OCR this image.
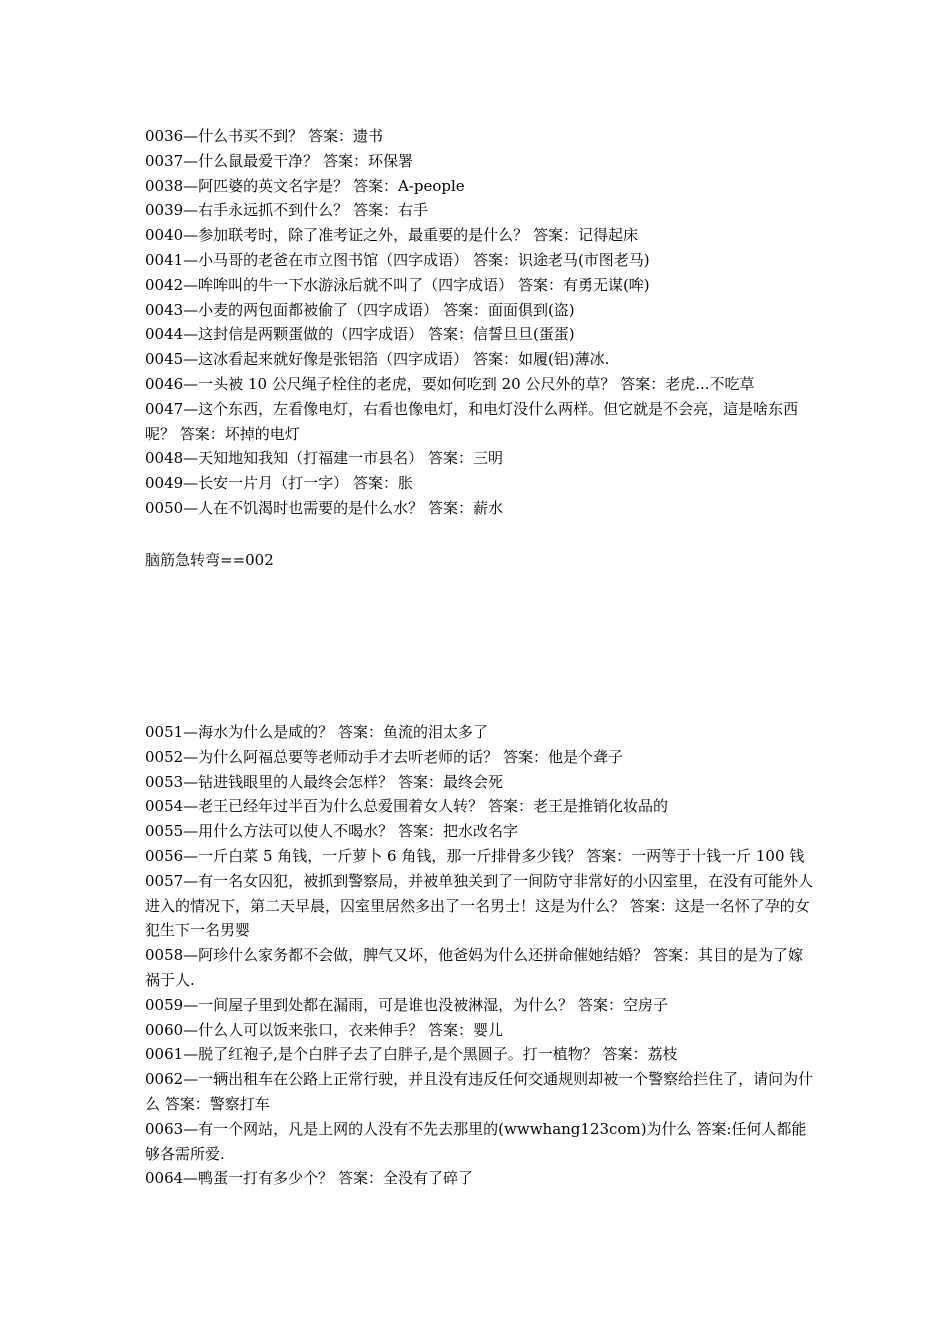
0036—什么书买不到？ 答案：遗书

0037—什么鼠最爱干净？ 答案：环保署

0038—阿匹婆的英文名字是？ 答案：A-people

0039—右手永远抓不到什么？ 答案：右手

0040—参加联考时，除了准考证之外，最重要的是什么？ 答案：记得起床

0041—小马哥的老爸在市立图书馆（四字成语） 答案：识途老马(市图老马)

0042—哞哞叫的牛一下水游泳后就不叫了（四字成语） 答案：有勇无谋(哞)

0043—小麦的两包面都被偷了（四字成语） 答案：面面俱到(盗)

0044—这封信是两颗蛋做的（四字成语） 答案：信誓旦旦(蛋蛋)

0045—这冰看起来就好像是张铝箔（四字成语） 答案：如履(铝)薄冰.

0046—一头被 10 公尺绳子栓住的老虎，要如何吃到 20 公尺外的草？ 答案：老虎...不吃草

0047—这个东西，左看像电灯，右看也像电灯，和电灯没什么两样。但它就是不会亮，這是啥东西呢？ 答案：坏掉的电灯

0048—天知地知我知（打福建一市县名） 答案：三明

0049—长安一片月（打一字） 答案：胀

0050—人在不饥渴时也需要的是什么水？ 答案：薪水

脑筋急转弯==002

0051—海水为什么是咸的？ 答案：鱼流的泪太多了

0052—为什么阿福总要等老师动手才去听老师的话？ 答案：他是个聋子

0053—钻进钱眼里的人最终会怎样？ 答案：最终会死

0054—老王已经年过半百为什么总爱围着女人转？ 答案：老王是推销化妆品的

0055—用什么方法可以使人不喝水？ 答案：把水改名字

0056—一斤白菜 5 角钱，一斤萝卜 6 角钱，那一斤排骨多少钱？ 答案：一两等于十钱一斤 100 钱

0057—有一名女囚犯，被抓到警察局，并被单独关到了一间防守非常好的小囚室里，在没有可能外人进入的情况下，第二天早晨，囚室里居然多出了一名男士！这是为什么？ 答案：这是一名怀了孕的女犯生下一名男婴

0058—阿珍什么家务都不会做，脾气又坏，他爸妈为什么还拼命催她结婚？ 答案：其目的是为了嫁祸于人.

0059—一间屋子里到处都在漏雨，可是谁也没被淋湿，为什么？ 答案：空房子

0060—什么人可以饭来张口，衣来伸手？ 答案：婴儿

0061—脱了红袍子,是个白胖子去了白胖子,是个黑圆子。打一植物？ 答案：荔枝

0062—一辆出租车在公路上正常行驶，并且没有违反任何交通规则却被一个警察给拦住了，请问为什么 答案：警察打车

0063—有一个网站，凡是上网的人没有不先去那里的(wwwhang123com)为什么 答案:任何人都能够各需所爱.

0064—鸭蛋一打有多少个？ 答案：全没有了碎了
